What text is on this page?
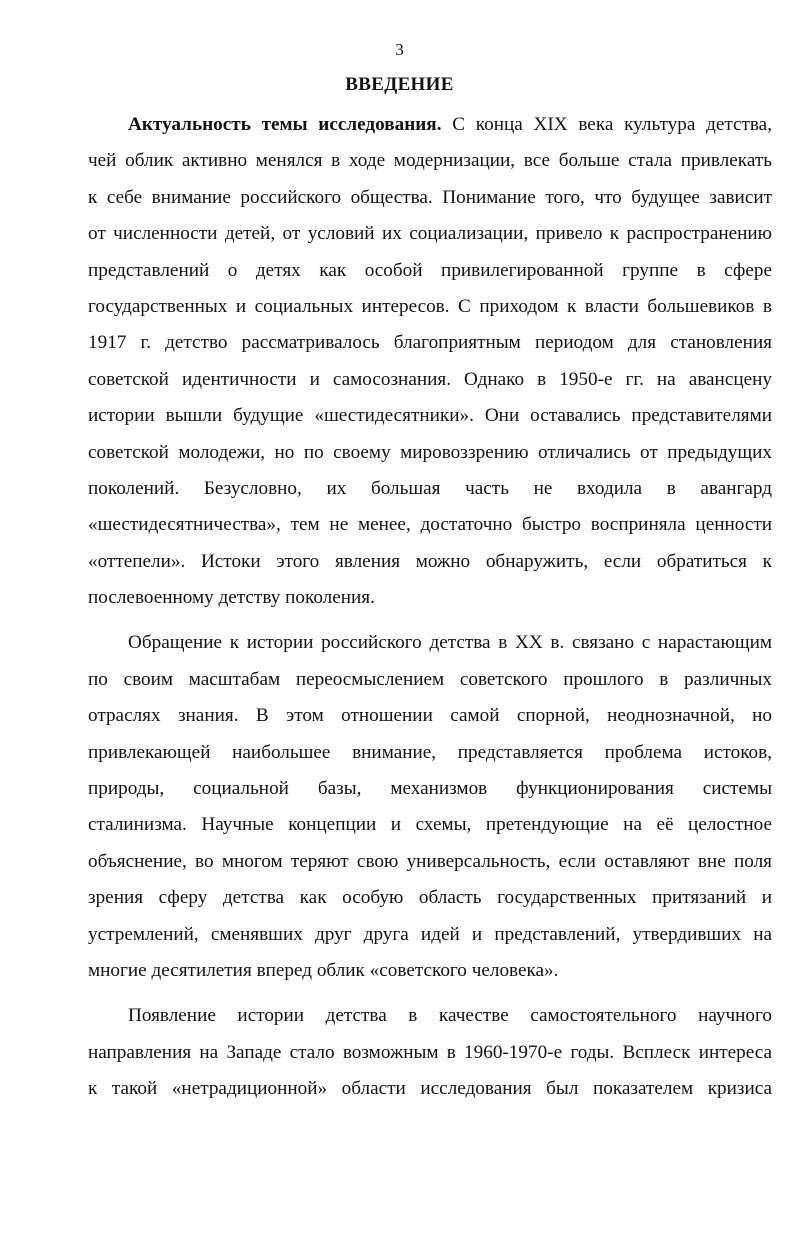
3
ВВЕДЕНИЕ
Актуальность темы исследования. С конца XIX века культура детства,
чей облик активно менялся в ходе модернизации, все больше стала привлекать
к себе внимание российского общества. Понимание того, что будущее зависит
от численности детей, от условий их социализации, привело к распространению
представлений о детях как особой привилегированной группе в сфере
государственных и социальных интересов. С приходом к власти большевиков в
1917 г. детство рассматривалось благоприятным периодом для становления
советской идентичности и самосознания. Однако в 1950-е гг. на авансцену
истории вышли будущие «шестидесятники». Они оставались представителями
советской молодежи, но по своему мировоззрению отличались от предыдущих
поколений. Безусловно, их большая часть не входила в авангард
«шестидесятничества», тем не менее, достаточно быстро восприняла ценности
«оттепели». Истоки этого явления можно обнаружить, если обратиться к
послевоенному детству поколения.
Обращение к истории российского детства в XX в. связано с нарастающим
по своим масштабам переосмыслением советского прошлого в различных
отраслях знания. В этом отношении самой спорной, неоднозначной, но
привлекающей наибольшее внимание, представляется проблема истоков,
природы, социальной базы, механизмов функционирования системы
сталинизма. Научные концепции и схемы, претендующие на её целостное
объяснение, во многом теряют свою универсальность, если оставляют вне поля
зрения сферу детства как особую область государственных притязаний и
устремлений, сменявших друг друга идей и представлений, утвердивших на
многие десятилетия вперед облик «советского человека».
Появление истории детства в качестве самостоятельного научного
направления на Западе стало возможным в 1960-1970-е годы. Всплеск интереса
к такой «нетрадиционной» области исследования был показателем кризиса
